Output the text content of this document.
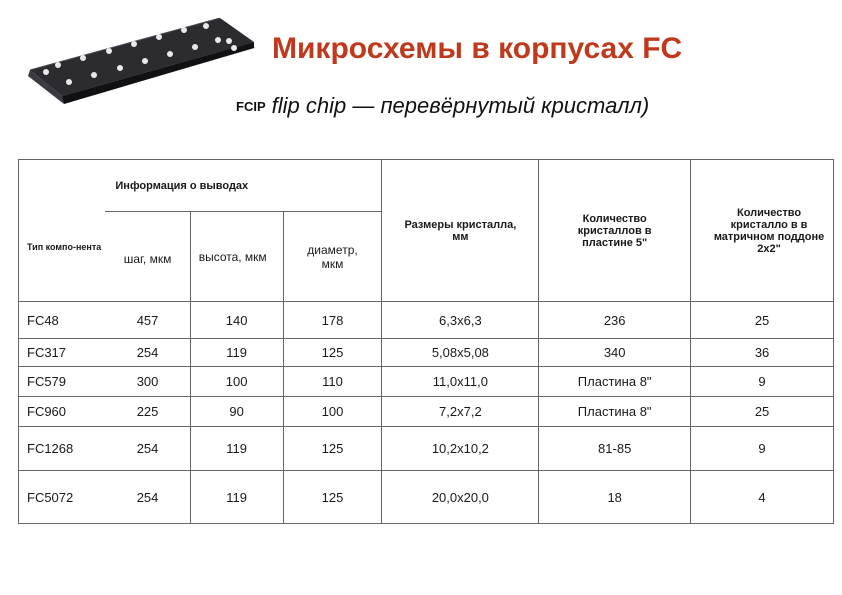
Микросхемы в корпусах FC
FCIP flip chip — перевёрнутый кристалл)
Тип компо-нента	Информация о выводах			Размеры кристалла, мм	Количество кристаллов в пластине 5"	Количество кристалло в в матричном поддоне 2x2"
	шаг, мкм	высота, мкм	диаметр, мкм			
FC48	457	140	178	6,3x6,3	236	25
FC317	254	119	125	5,08x5,08	340	36
FC579	300	100	110	11,0x11,0	Пластина 8"	9
FC960	225	90	100	7,2x7,2	Пластина 8"	25
FC1268	254	119	125	10,2x10,2	81-85	9
FC5072	254	119	125	20,0x20,0	18	4
